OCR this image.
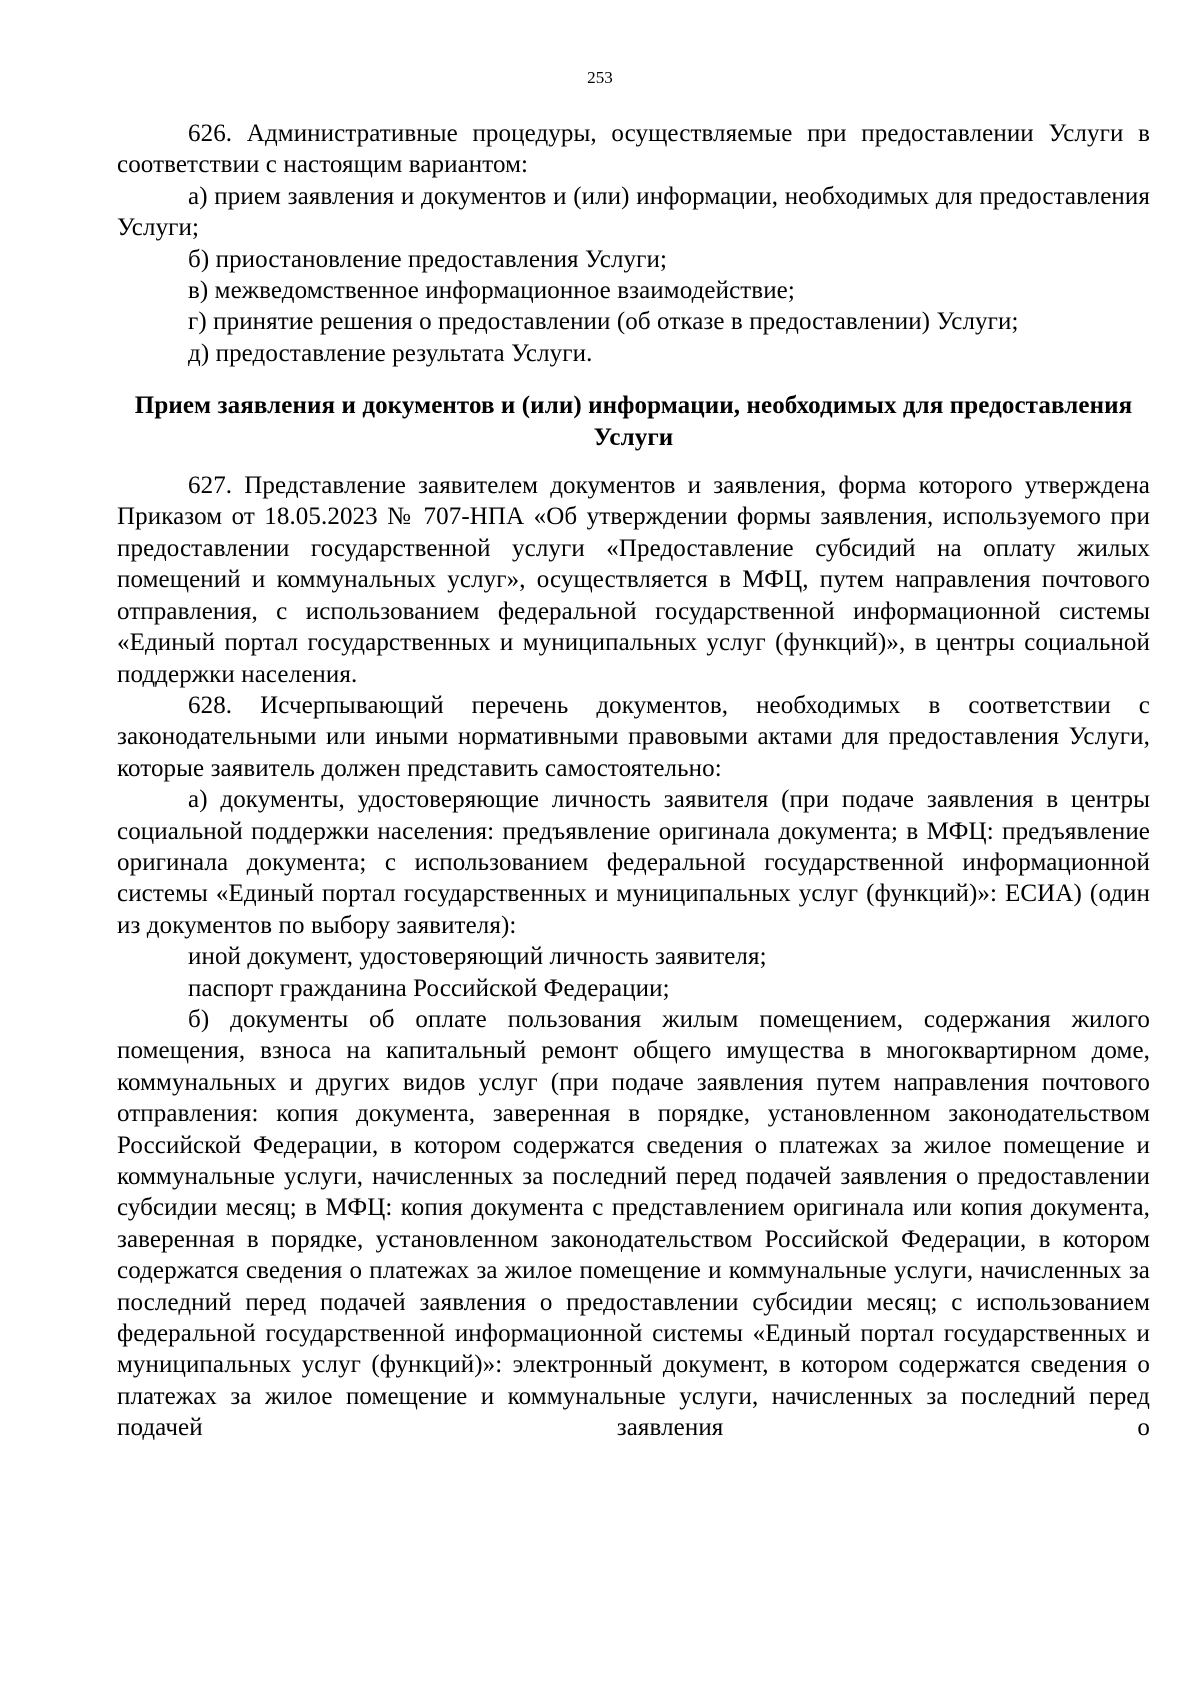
253

626. Административные процедуры, осуществляемые при предоставлении Услуги в соответствии с настоящим вариантом:

а) прием заявления и документов и (или) информации, необходимых для предоставления Услуги;

б) приостановление предоставления Услуги;

в) межведомственное информационное взаимодействие;

г) принятие решения о предоставлении (об отказе в предоставлении) Услуги;

д) предоставление результата Услуги.

Прием заявления и документов и (или) информации, необходимых для предоставления Услуги

627. Представление заявителем документов и заявления, форма которого утверждена Приказом от 18.05.2023 № 707-НПА «Об утверждении формы заявления, используемого при предоставлении государственной услуги «Предоставление субсидий на оплату жилых помещений и коммунальных услуг», осуществляется в МФЦ, путем направления почтового отправления, с использованием федеральной государственной информационной системы «Единый портал государственных и муниципальных услуг (функций)», в центры социальной поддержки населения.

628. Исчерпывающий перечень документов, необходимых в соответствии с законодательными или иными нормативными правовыми актами для предоставления Услуги, которые заявитель должен представить самостоятельно:

а) документы, удостоверяющие личность заявителя (при подаче заявления в центры социальной поддержки населения: предъявление оригинала документа; в МФЦ: предъявление оригинала документа; с использованием федеральной государственной информационной системы «Единый портал государственных и муниципальных услуг (функций)»: ЕСИА) (один из документов по выбору заявителя):

иной документ, удостоверяющий личность заявителя;

паспорт гражданина Российской Федерации;

б) документы об оплате пользования жилым помещением, содержания жилого помещения, взноса на капитальный ремонт общего имущества в многоквартирном доме, коммунальных и других видов услуг (при подаче заявления путем направления почтового отправления: копия документа, заверенная в порядке, установленном законодательством Российской Федерации, в котором содержатся сведения о платежах за жилое помещение и коммунальные услуги, начисленных за последний перед подачей заявления о предоставлении субсидии месяц; в МФЦ: копия документа с представлением оригинала или копия документа, заверенная в порядке, установленном законодательством Российской Федерации, в котором содержатся сведения о платежах за жилое помещение и коммунальные услуги, начисленных за последний перед подачей заявления о предоставлении субсидии месяц; с использованием федеральной государственной информационной системы «Единый портал государственных и муниципальных услуг (функций)»: электронный документ, в котором содержатся сведения о платежах за жилое помещение и коммунальные услуги, начисленных за последний перед подачей заявления о
